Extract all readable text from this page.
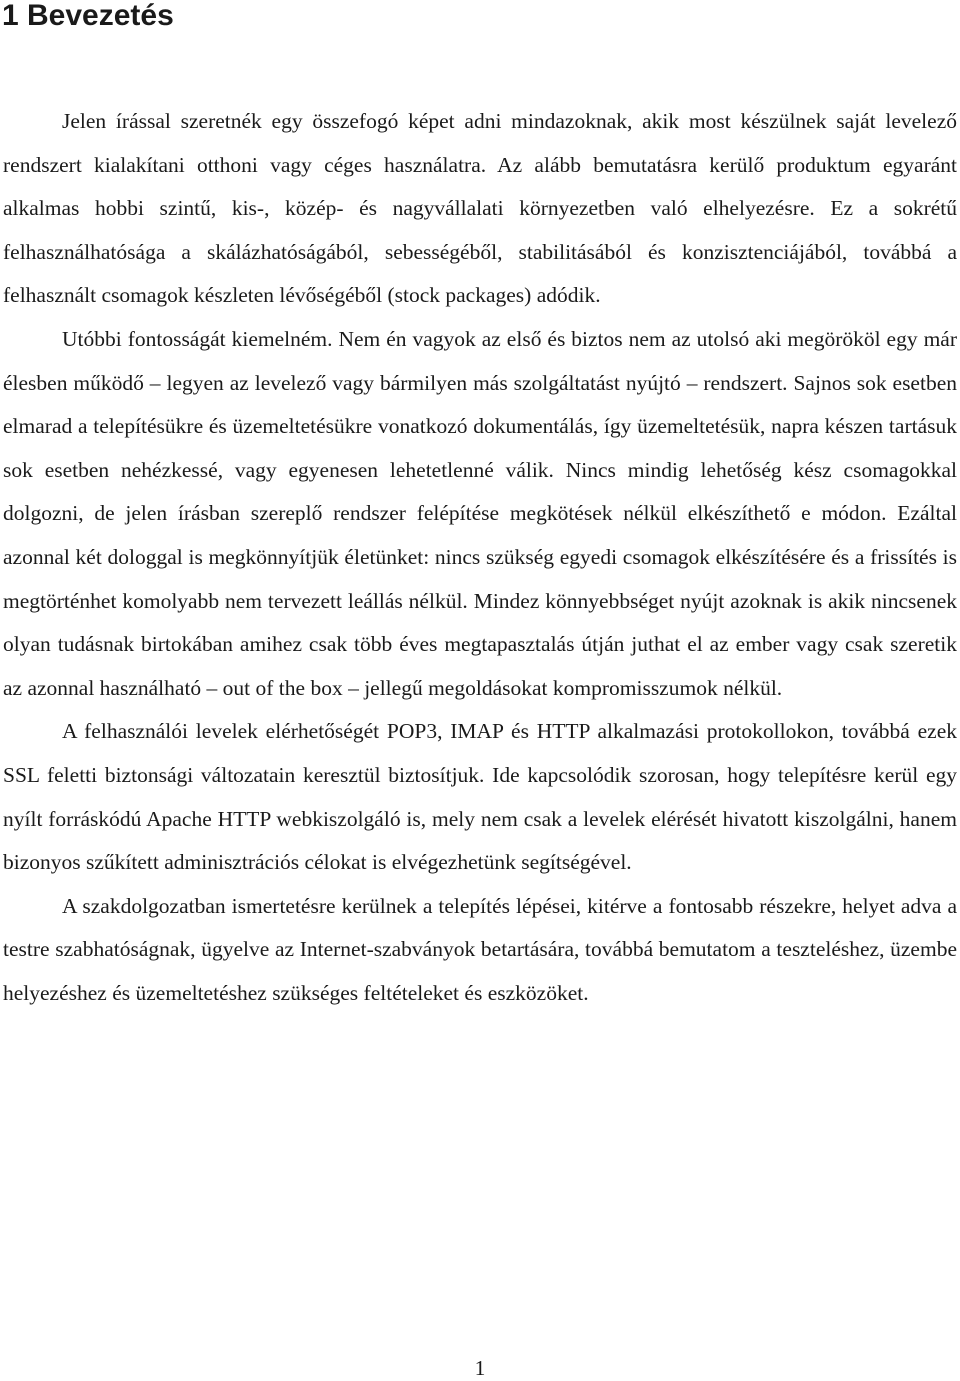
1 Bevezetés

Jelen írással szeretnék egy összefogó képet adni mindazoknak, akik most készülnek saját levelező rendszert kialakítani otthoni vagy céges használatra. Az alább bemutatásra kerülő produktum egyaránt alkalmas hobbi szintű, kis-, közép- és nagyvállalati környezetben való elhelyezésre. Ez a sokrétű felhasználhatósága a skálázhatóságából, sebességéből, stabilitásából és konzisztenciájából, továbbá a felhasznált csomagok készleten lévőségéből (stock packages) adódik.

Utóbbi fontosságát kiemelném. Nem én vagyok az első és biztos nem az utolsó aki megörököl egy már élesben működő – legyen az levelező vagy bármilyen más szolgáltatást nyújtó – rendszert. Sajnos sok esetben elmarad a telepítésükre és üzemeltetésükre vonatkozó dokumentálás, így üzemeltetésük, napra készen tartásuk sok esetben nehézkessé, vagy egyenesen lehetetlenné válik. Nincs mindig lehetőség kész csomagokkal dolgozni, de jelen írásban szereplő rendszer felépítése megkötések nélkül elkészíthető e módon. Ezáltal azonnal két dologgal is megkönnyítjük életünket: nincs szükség egyedi csomagok elkészítésére és a frissítés is megtörténhet komolyabb nem tervezett leállás nélkül. Mindez könnyebbséget nyújt azoknak is akik nincsenek olyan tudásnak birtokában amihez csak több éves megtapasztalás útján juthat el az ember vagy csak szeretik az azonnal használható – out of the box – jellegű megoldásokat kompromisszumok nélkül.

A felhasználói levelek elérhetőségét POP3, IMAP és HTTP alkalmazási protokollokon, továbbá ezek SSL feletti biztonsági változatain keresztül biztosítjuk. Ide kapcsolódik szorosan, hogy telepítésre kerül egy nyílt forráskódú Apache HTTP webkiszolgáló is, mely nem csak a levelek elérését hivatott kiszolgálni, hanem bizonyos szűkített adminisztrációs célokat is elvégezhetünk segítségével.

A szakdolgozatban ismertetésre kerülnek a telepítés lépései, kitérve a fontosabb részekre, helyet adva a testre szabhatóságnak, ügyelve az Internet-szabványok betartására, továbbá bemutatom a teszteléshez, üzembe helyezéshez és üzemeltetéshez szükséges feltételeket és eszközöket.

1
